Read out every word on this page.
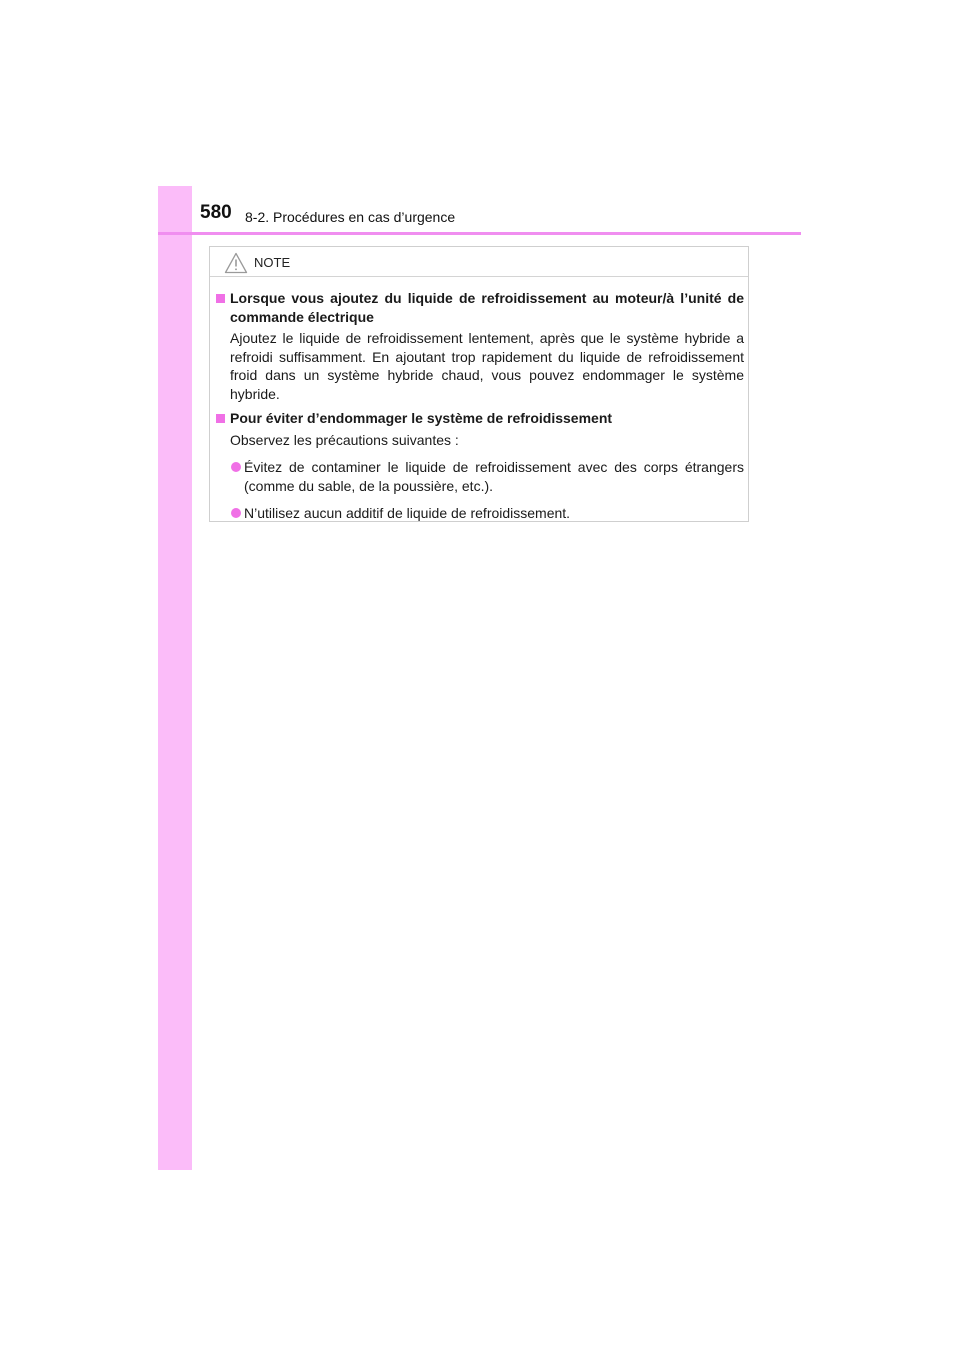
580 8-2. Procédures en cas d’urgence
NOTE
Lorsque vous ajoutez du liquide de refroidissement au moteur/à l’unité de commande électrique
Ajoutez le liquide de refroidissement lentement, après que le système hybride a refroidi suffisamment. En ajoutant trop rapidement du liquide de refroidissement froid dans un système hybride chaud, vous pouvez endommager le système hybride.
Pour éviter d’endommager le système de refroidissement
Observez les précautions suivantes :
Évitez de contaminer le liquide de refroidissement avec des corps étrangers (comme du sable, de la poussière, etc.).
N’utilisez aucun additif de liquide de refroidissement.
